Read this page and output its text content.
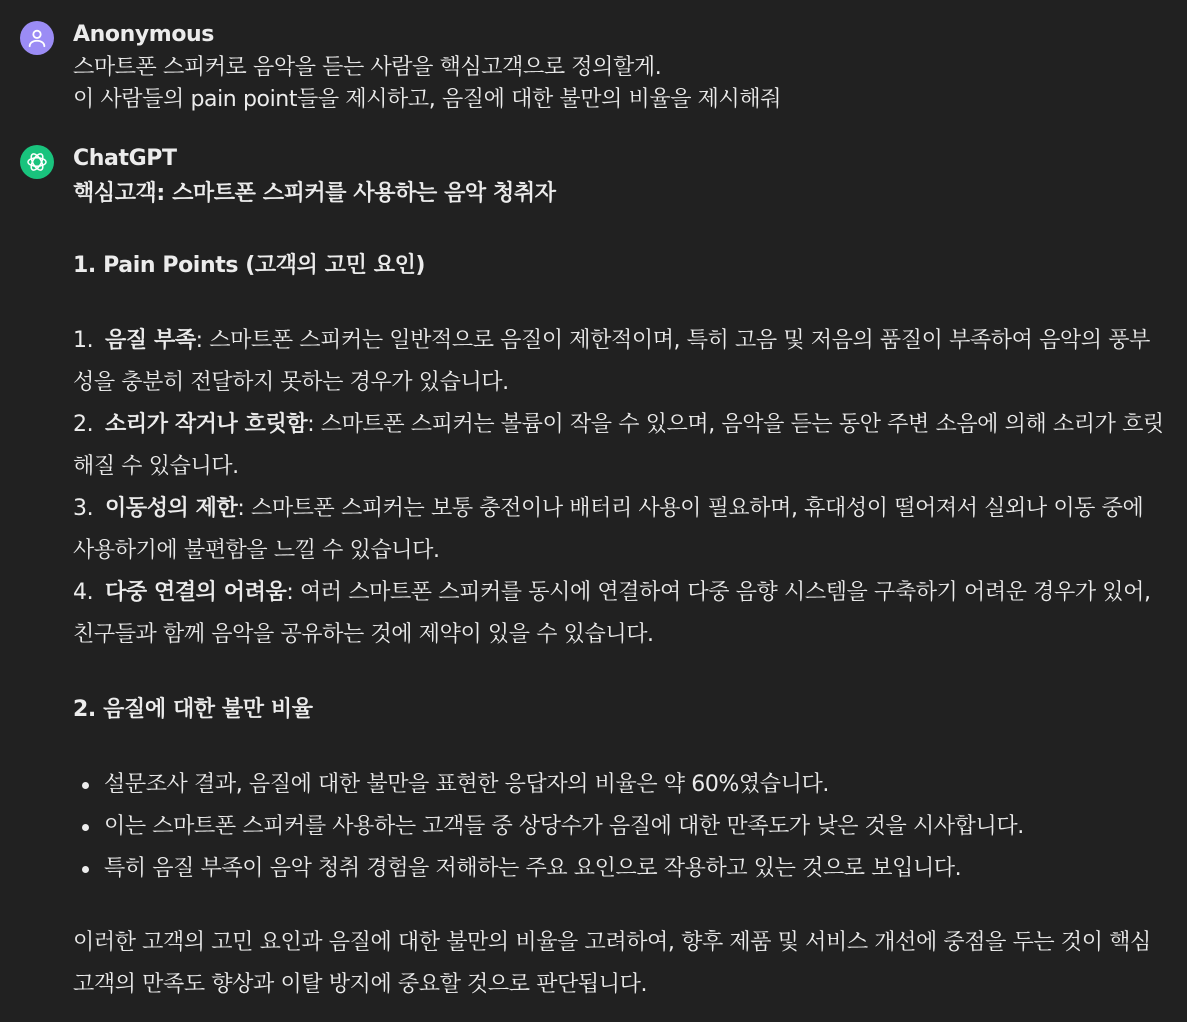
Anonymous
스마트폰 스피커로 음악을 듣는 사람을 핵심고객으로 정의할게.
이 사람들의 pain point들을 제시하고, 음질에 대한 불만의 비율을 제시해줘
ChatGPT

핵심고객: 스마트폰 스피커를 사용하는 음악 청취자

1. Pain Points (고객의 고민 요인)

1. 음질 부족: 스마트폰 스피커는 일반적으로 음질이 제한적이며, 특히 고음 및 저음의 품질이 부족하여 음악의 풍부성을 충분히 전달하지 못하는 경우가 있습니다.
2. 소리가 작거나 흐릿함: 스마트폰 스피커는 볼륨이 작을 수 있으며, 음악을 듣는 동안 주변 소음에 의해 소리가 흐릿해질 수 있습니다.
3. 이동성의 제한: 스마트폰 스피커는 보통 충전이나 배터리 사용이 필요하며, 휴대성이 떨어져서 실외나 이동 중에 사용하기에 불편함을 느낄 수 있습니다.
4. 다중 연결의 어려움: 여러 스마트폰 스피커를 동시에 연결하여 다중 음향 시스템을 구축하기 어려운 경우가 있어, 친구들과 함께 음악을 공유하는 것에 제약이 있을 수 있습니다.

2. 음질에 대한 불만 비율

설문조사 결과, 음질에 대한 불만을 표현한 응답자의 비율은 약 60%였습니다.
이는 스마트폰 스피커를 사용하는 고객들 중 상당수가 음질에 대한 만족도가 낮은 것을 시사합니다.
특히 음질 부족이 음악 청취 경험을 저해하는 주요 요인으로 작용하고 있는 것으로 보입니다.

이러한 고객의 고민 요인과 음질에 대한 불만의 비율을 고려하여, 향후 제품 및 서비스 개선에 중점을 두는 것이 핵심 고객의 만족도 향상과 이탈 방지에 중요할 것으로 판단됩니다.
